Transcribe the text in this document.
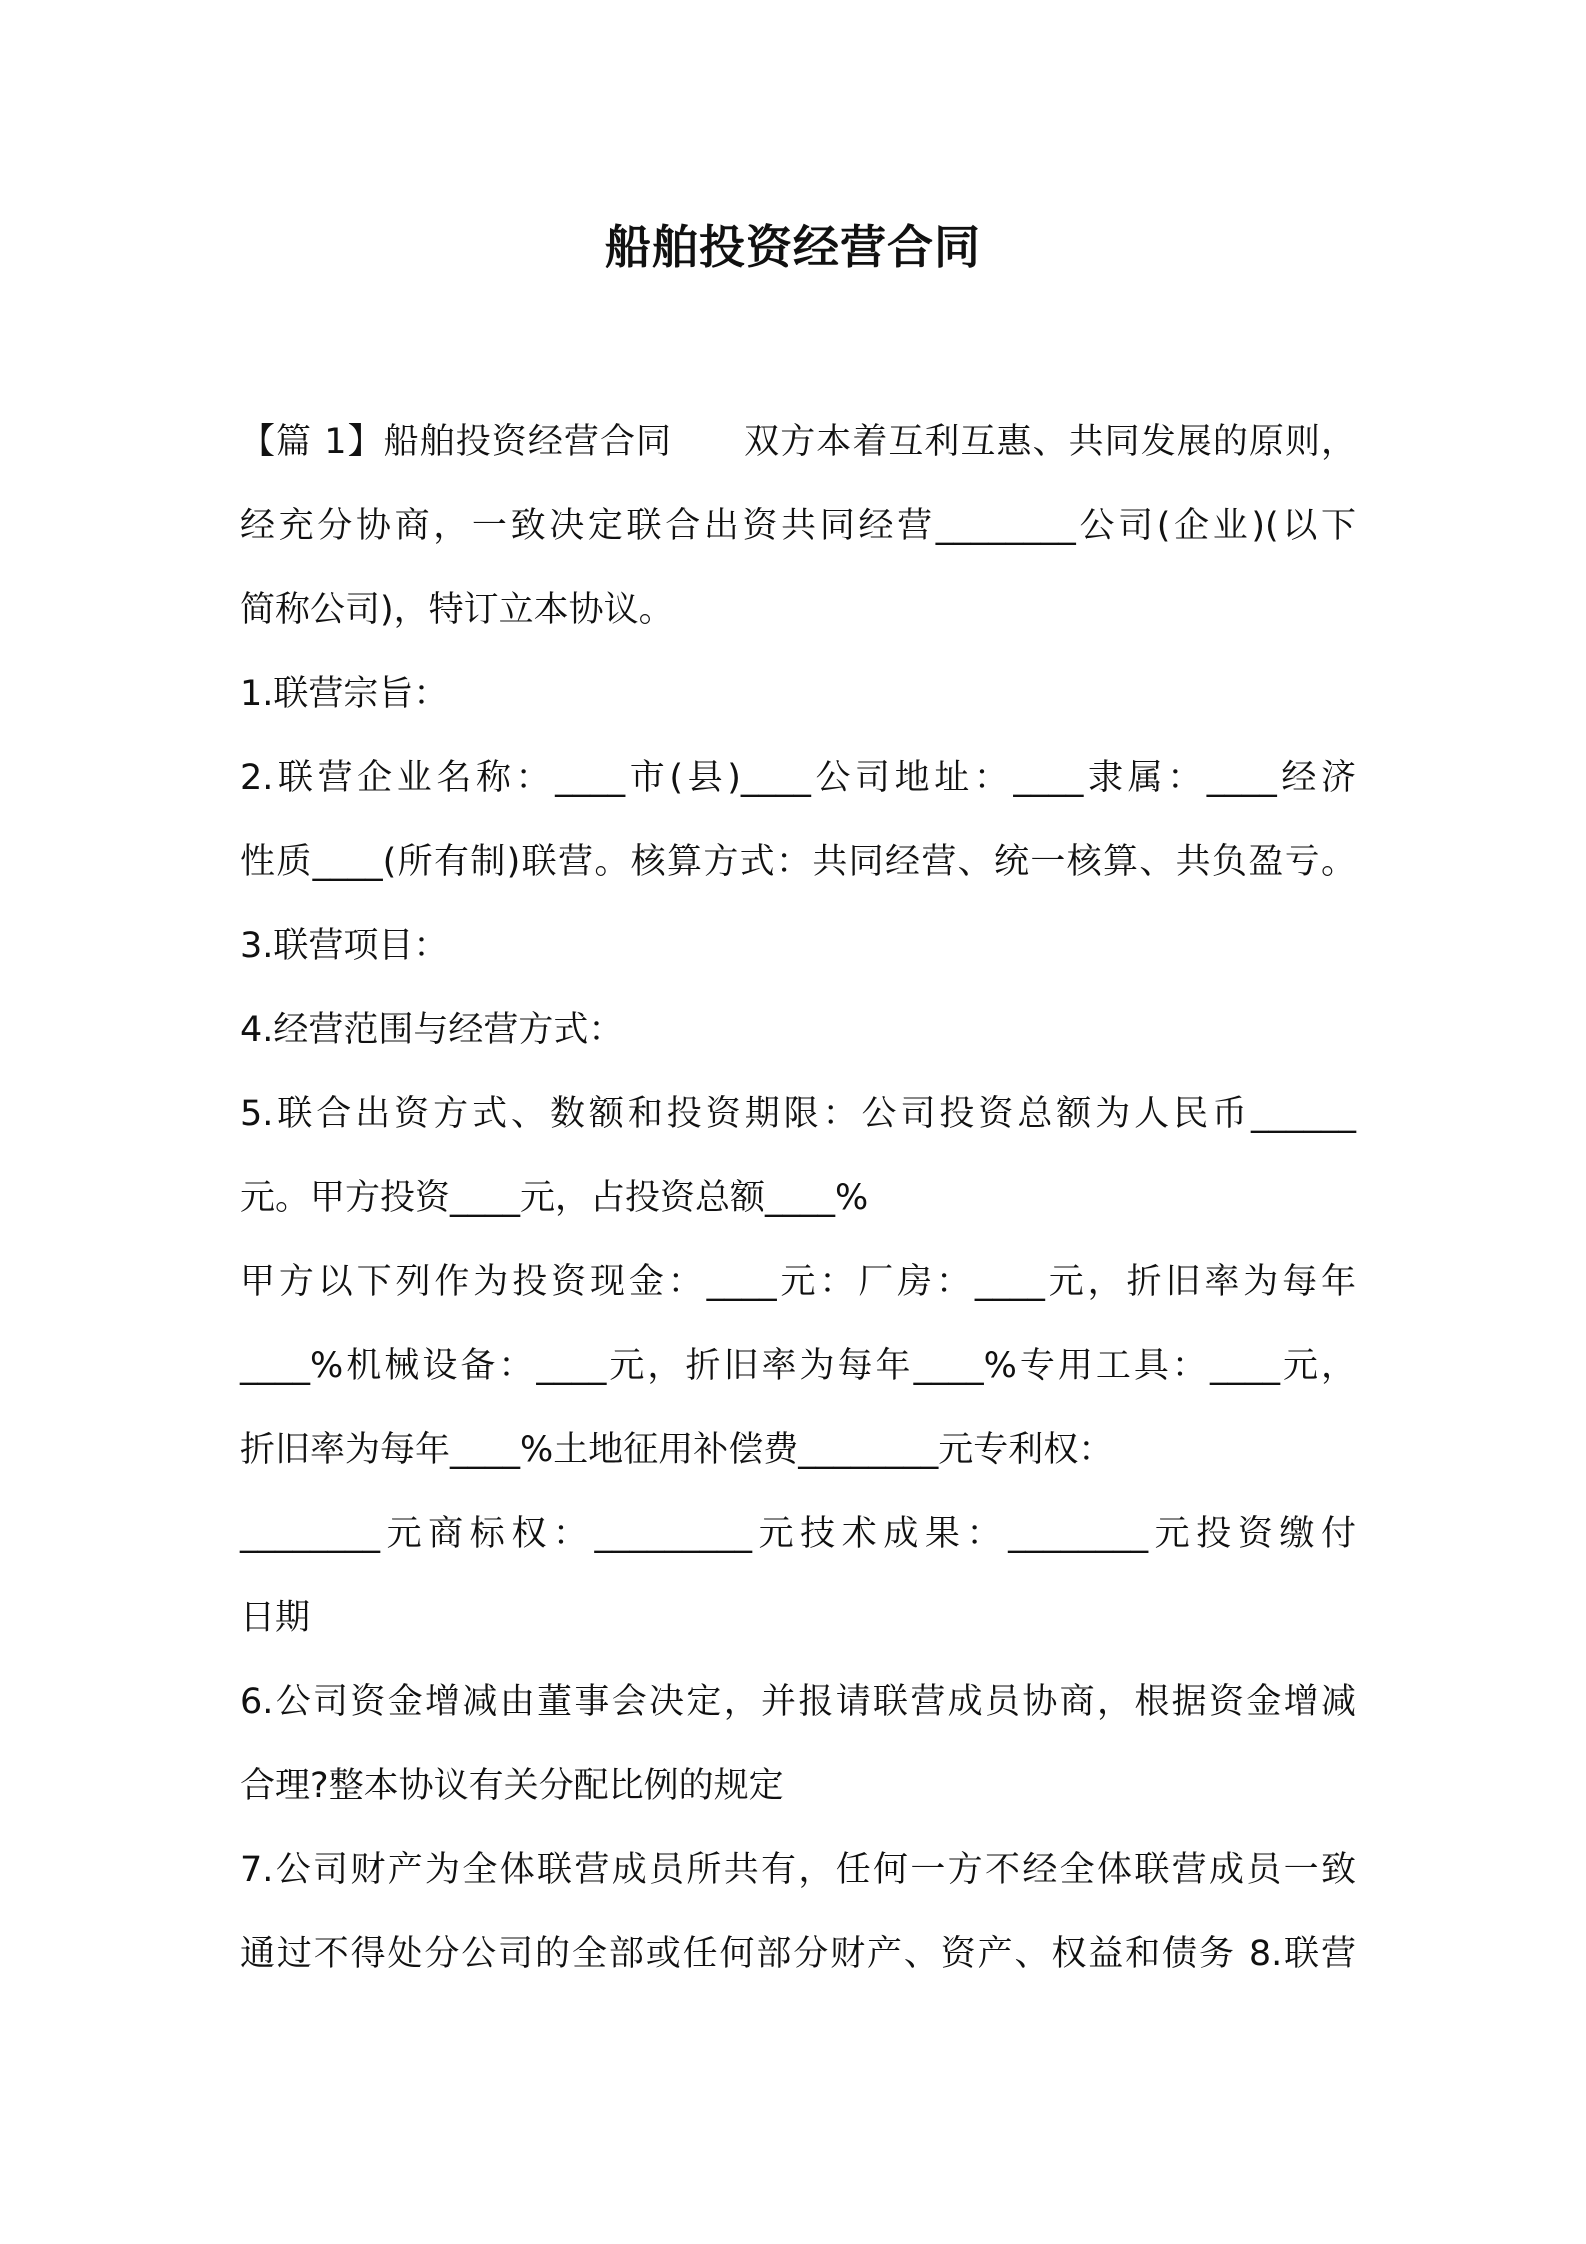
船舶投资经营合同
【篇 1】船舶投资经营合同　　双方本着互利互惠、共同发展的原则，
经充分协商，一致决定联合出资共同经营________公司(企业)(以下
简称公司)，特订立本协议。
1.联营宗旨：
2.联营企业名称：____市(县)____公司地址：____隶属：____经济
性质____(所有制)联营。核算方式：共同经营、统一核算、共负盈亏。
3.联营项目：
4.经营范围与经营方式：
5.联合出资方式、数额和投资期限：公司投资总额为人民币______
元。甲方投资____元，占投资总额____%
甲方以下列作为投资现金：____元：厂房：____元，折旧率为每年
____%机械设备：____元，折旧率为每年____%专用工具：____元，
折旧率为每年____%土地征用补偿费________元专利权：
________元商标权：_________元技术成果：________元投资缴付
日期
6.公司资金增减由董事会决定，并报请联营成员协商，根据资金增减
合理?整本协议有关分配比例的规定
7.公司财产为全体联营成员所共有，任何一方不经全体联营成员一致
通过不得处分公司的全部或任何部分财产、资产、权益和债务 8.联营
